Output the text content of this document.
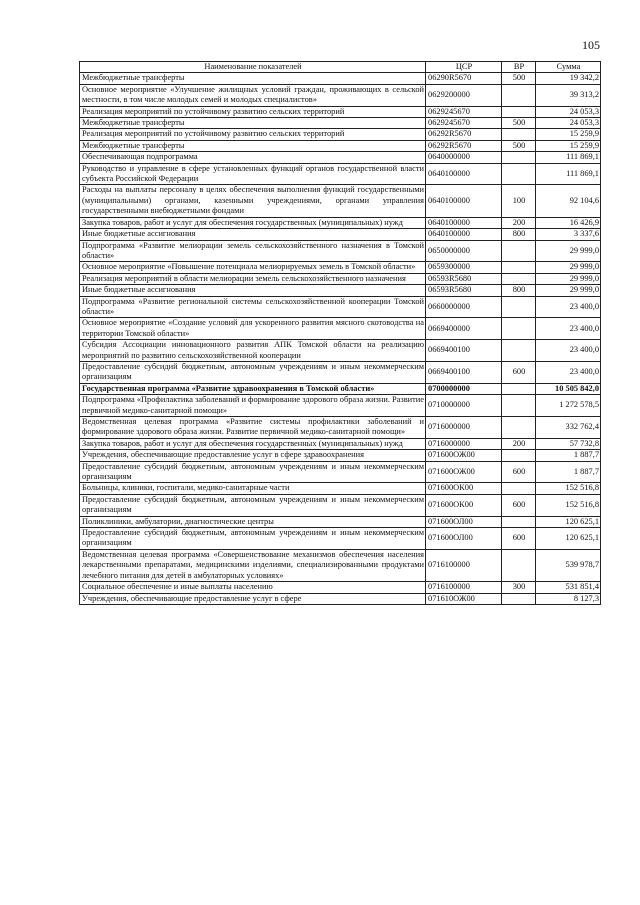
105
Наименование показателей	ЦСР	ВР	Сумма
Межбюджетные трансферты	06290R5670	500	19 342,2
Основное мероприятие «Улучшение жилищных условий граждан, проживающих в сельской местности, в том числе молодых семей и молодых специалистов»	0629200000		39 313,2
Реализация мероприятий по устойчивому развитию сельских территорий	0629245670		24 053,3
Межбюджетные трансферты	0629245670	500	24 053,3
Реализация мероприятий по устойчивому развитию сельских территорий	06292R5670		15 259,9
Межбюджетные трансферты	06292R5670	500	15 259,9
Обеспечивающая подпрограмма	0640000000		111 869,1
Руководство и управление в сфере установленных функций органов государственной власти субъекта Российской Федерации	0640100000		111 869,1
Расходы на выплаты персоналу в целях обеспечения выполнения функций государственными (муниципальными) органами, казенными учреждениями, органами управления государственными внебюджетными фондами	0640100000	100	92 104,6
Закупка товаров, работ и услуг для обеспечения государственных (муниципальных) нужд	0640100000	200	16 426,9
Иные бюджетные ассигнования	0640100000	800	3 337,6
Подпрограмма «Развитие мелиорации земель сельскохозяйственного назначения в Томской области»	0650000000		29 999,0
Основное мероприятие «Повышение потенциала мелиорируемых земель в Томской области»	0659300000		29 999,0
Реализация мероприятий в области мелиорации земель сельскохозяйственного назначения	06593R5680		29 999,0
Иные бюджетные ассигнования	06593R5680	800	29 999,0
Подпрограмма «Развитие региональной системы сельскохозяйственной кооперации Томской области»	0660000000		23 400,0
Основное мероприятие «Создание условий для ускоренного развития мясного скотоводства на территории Томской области»	0669400000		23 400,0
Субсидия Ассоциации инновационного развития АПК Томской области на реализацию мероприятий по развитию сельскохозяйственной кооперации	0669400100		23 400,0
Предоставление субсидий бюджетным, автономным учреждениям и иным некоммерческим организациям	0669400100	600	23 400,0
Государственная программа «Развитие здравоохранения в Томской области»	0700000000		10 505 842,0
Подпрограмма «Профилактика заболеваний и формирование здорового образа жизни. Развитие первичной медико-санитарной помощи»	0710000000		1 272 578,5
Ведомственная целевая программа «Развитие системы профилактики заболеваний и формирование здорового образа жизни. Развитие первичной медико-санитарной помощи»	0716000000		332 762,4
Закупка товаров, работ и услуг для обеспечения государственных (муниципальных) нужд	0716000000	200	57 732,8
Учреждения, обеспечивающие предоставление услуг в сфере здравоохранения	071600ОЖ00		1 887,7
Предоставление субсидий бюджетным, автономным учреждениям и иным некоммерческим организациям	071600ОЖ00	600	1 887,7
Больницы, клиники, госпитали, медико-санитарные части	071600ОК00		152 516,8
Предоставление субсидий бюджетным, автономным учреждениям и иным некоммерческим организациям	071600ОК00	600	152 516,8
Поликлиники, амбулатории, диагностические центры	071600ОЛ00		120 625,1
Предоставление субсидий бюджетным, автономным учреждениям и иным некоммерческим организациям	071600ОЛ00	600	120 625,1
Ведомственная целевая программа «Совершенствование механизмов обеспечения населения лекарственными препаратами, медицинскими изделиями, специализированными продуктами лечебного питания для детей в амбулаторных условиях»	0716100000		539 978,7
Социальное обеспечение и иные выплаты населению	0716100000	300	531 851,4
Учреждения, обеспечивающие предоставление услуг в сфере	071610ОЖ00		8 127,3
